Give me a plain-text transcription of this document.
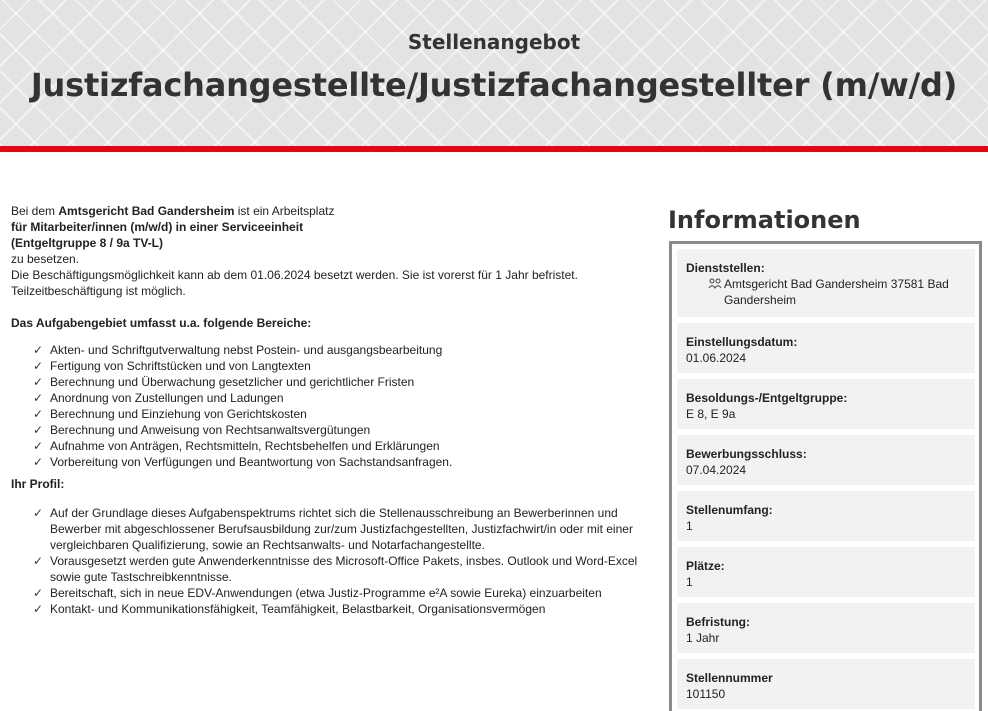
Stellenangebot
Justizfachangestellte/Justizfachangestellter (m/w/d)

Bei dem Amtsgericht Bad Gandersheim ist ein Arbeitsplatz

für Mitarbeiter/innen (m/w/d) in einer Serviceeinheit
(Entgeltgruppe 8 / 9a TV-L)

zu besetzen.

Die Beschäftigungsmöglichkeit kann ab dem 01.06.2024 besetzt werden. Sie ist vorerst für 1 Jahr befristet. Teilzeitbeschäftigung ist möglich.

Das Aufgabengebiet umfasst u.a. folgende Bereiche:

✓ Akten- und Schriftgutverwaltung nebst Postein- und ausgangsbearbeitung
✓ Fertigung von Schriftstücken und von Langtexten
✓ Berechnung und Überwachung gesetzlicher und gerichtlicher Fristen
✓ Anordnung von Zustellungen und Ladungen
✓ Berechnung und Einziehung von Gerichtskosten
✓ Berechnung und Anweisung von Rechtsanwaltsvergütungen
✓ Aufnahme von Anträgen, Rechtsmitteln, Rechtsbehelfen und Erklärungen
✓ Vorbereitung von Verfügungen und Beantwortung von Sachstandsanfragen.

Ihr Profil:

✓ Auf der Grundlage dieses Aufgabenspektrums richtet sich die Stellenausschreibung an Bewerberinnen und Bewerber mit abgeschlossener Berufsausbildung zur/zum Justizfachgestellten, Justizfachwirt/in oder mit einer vergleichbaren Qualifizierung, sowie an Rechtsanwalts- und Notarfachangestellte.
✓ Vorausgesetzt werden gute Anwenderkenntnisse des Microsoft-Office Pakets, insbes. Outlook und Word-Excel sowie gute Tastschreibkenntnisse.
✓ Bereitschaft, sich in neue EDV-Anwendungen (etwa Justiz-Programme e²A sowie Eureka) einzuarbeiten
✓ Kontakt- und Kommunikationsfähigkeit, Teamfähigkeit, Belastbarkeit, Organisationsvermögen
Informationen
Dienststellen:
Amtsgericht Bad Gandersheim 37581 Bad Gandersheim
Einstellungsdatum:
01.06.2024
Besoldungs-/Entgeltgruppe:
E 8, E 9a
Bewerbungsschluss:
07.04.2024
Stellenumfang:
1
Plätze:
1
Befristung:
1 Jahr
Stellennummer
101150
